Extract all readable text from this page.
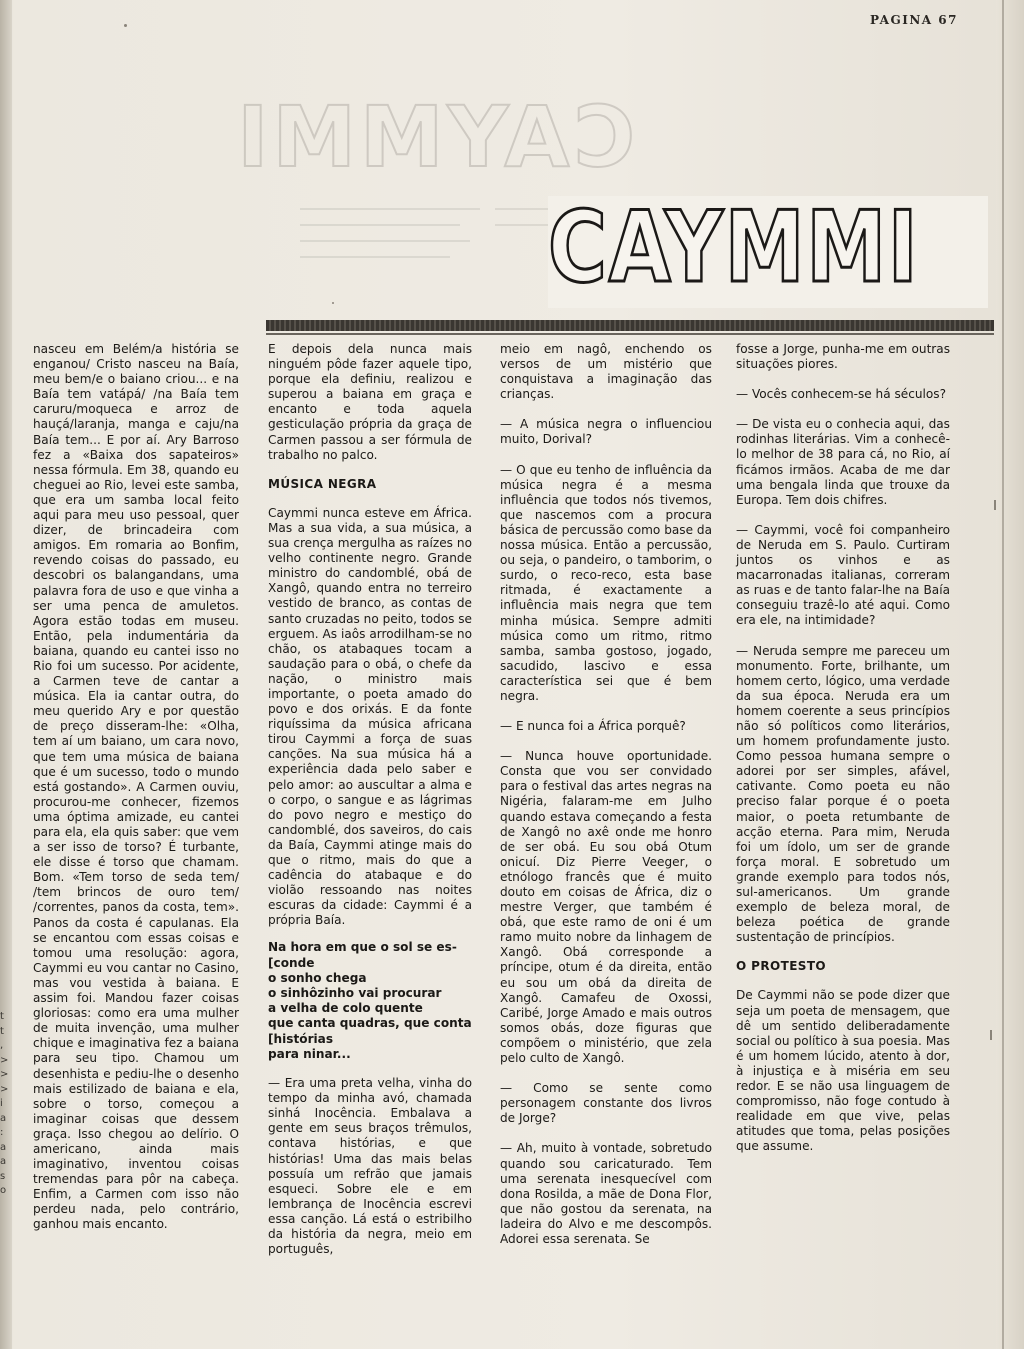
PAGINA 67
CAYMMI
CAYMMI

nasceu em Belém/a história se enganou/ Cristo nasceu na Baía, meu bem/e o baiano criou... e na Baía tem vatápá/ /na Baía tem caruru/moqueca e arroz de hauçá/laranja, manga e caju/na Baía tem... E por aí. Ary Barroso fez a «Baixa dos sapateiros» nessa fórmula. Em 38, quando eu cheguei ao Rio, levei este samba, que era um samba local feito aqui para meu uso pessoal, quer dizer, de brincadeira com amigos. Em romaria ao Bonfim, revendo coisas do passado, eu descobri os balangandans, uma palavra fora de uso e que vinha a ser uma penca de amuletos. Agora estão todas em museu. Então, pela indumentária da baiana, quando eu cantei isso no Rio foi um sucesso. Por acidente, a Carmen teve de cantar a música. Ela ia cantar outra, do meu querido Ary e por questão de preço disseram-lhe: «Olha, tem aí um baiano, um cara novo, que tem uma música de baiana que é um sucesso, todo o mundo está gostando». A Carmen ouviu, procurou-me conhecer, fizemos uma óptima amizade, eu cantei para ela, ela quis saber: que vem a ser isso de torso? É turbante, ele disse é torso que chamam. Bom. «Tem torso de seda tem/ /tem brincos de ouro tem/ /correntes, panos da costa, tem». Panos da costa é capulanas. Ela se encantou com essas coisas e tomou uma resolução: agora, Caymmi eu vou cantar no Casino, mas vou vestida à baiana. E assim foi. Mandou fazer coisas gloriosas: como era uma mulher de muita invenção, uma mulher chique e imaginativa fez a baiana para seu tipo. Chamou um desenhista e pediu-lhe o desenho mais estilizado de baiana e ela, sobre o torso, começou a imaginar coisas que dessem graça. Isso chegou ao delírio. O americano, ainda mais imaginativo, inventou coisas tremendas para pôr na cabeça. Enfim, a Carmen com isso não perdeu nada, pelo contrário, ganhou mais encanto.

E depois dela nunca mais ninguém pôde fazer aquele tipo, porque ela definiu, realizou e superou a baiana em graça e encanto e toda aquela gesticulação própria da graça de Carmen passou a ser fórmula de trabalho no palco.

MÚSICA NEGRA

Caymmi nunca esteve em África. Mas a sua vida, a sua música, a sua crença mergulha as raízes no velho continente negro. Grande ministro do candomblé, obá de Xangô, quando entra no terreiro vestido de branco, as contas de santo cruzadas no peito, todos se erguem. As iaôs arrodilham-se no chão, os atabaques tocam a saudação para o obá, o chefe da nação, o ministro mais importante, o poeta amado do povo e dos orixás. E da fonte riquíssima da música africana tirou Caymmi a força de suas canções. Na sua música há a experiência dada pelo saber e pelo amor: ao auscultar a alma e o corpo, o sangue e as lágrimas do povo negro e mestiço do candomblé, dos saveiros, do cais da Baía, Caymmi atinge mais do que o ritmo, mais do que a cadência do atabaque e do violão ressoando nas noites escuras da cidade: Caymmi é a própria Baía.

Na hora em que o sol se es- [conde
o sonho chega
o sinhôzinho vai procurar
a velha de colo quente
que canta quadras, que conta [histórias
para ninar...

— Era uma preta velha, vinha do tempo da minha avó, chamada sinhá Inocência. Embalava a gente em seus braços trêmulos, contava histórias, e que histórias! Uma das mais belas possuía um refrão que jamais esqueci. Sobre ele e em lembrança de Inocência escrevi essa canção. Lá está o estribilho da história da negra, meio em português,

meio em nagô, enchendo os versos de um mistério que conquistava a imaginação das crianças.

— A música negra o influenciou muito, Dorival?

— O que eu tenho de influência da música negra é a mesma influência que todos nós tivemos, que nascemos com a procura básica de percussão como base da nossa música. Então a percussão, ou seja, o pandeiro, o tamborim, o surdo, o reco-reco, esta base ritmada, é exactamente a influência mais negra que tem minha música. Sempre admiti música como um ritmo, ritmo samba, samba gostoso, jogado, sacudido, lascivo e essa característica sei que é bem negra.

— E nunca foi a África porquê?

— Nunca houve oportunidade. Consta que vou ser convidado para o festival das artes negras na Nigéria, falaram-me em Julho quando estava começando a festa de Xangô no axê onde me honro de ser obá. Eu sou obá Otum onicuí. Diz Pierre Veeger, o etnólogo francês que é muito douto em coisas de África, diz o mestre Verger, que também é obá, que este ramo de oni é um ramo muito nobre da linhagem de Xangô. Obá corresponde a príncipe, otum é da direita, então eu sou um obá da direita de Xangô. Camafeu de Oxossi, Caribé, Jorge Amado e mais outros somos obás, doze figuras que compõem o ministério, que zela pelo culto de Xangô.

— Como se sente como personagem constante dos livros de Jorge?

— Ah, muito à vontade, sobretudo quando sou caricaturado. Tem uma serenata inesquecível com dona Rosilda, a mãe de Dona Flor, que não gostou da serenata, na ladeira do Alvo e me descompôs. Adorei essa serenata. Se

fosse a Jorge, punha-me em outras situações piores.

— Vocês conhecem-se há séculos?

— De vista eu o conhecia aqui, das rodinhas literárias. Vim a conhecê-lo melhor de 38 para cá, no Rio, aí ficámos irmãos. Acaba de me dar uma bengala linda que trouxe da Europa. Tem dois chifres.

— Caymmi, você foi companheiro de Neruda em S. Paulo. Curtiram juntos os vinhos e as macarronadas italianas, correram as ruas e de tanto falar-lhe na Baía conseguiu trazê-lo até aqui. Como era ele, na intimidade?

— Neruda sempre me pareceu um monumento. Forte, brilhante, um homem certo, lógico, uma verdade da sua época. Neruda era um homem coerente a seus princípios não só políticos como literários, um homem profundamente justo. Como pessoa humana sempre o adorei por ser simples, afável, cativante. Como poeta eu não preciso falar porque é o poeta maior, o poeta retumbante de acção eterna. Para mim, Neruda foi um ídolo, um ser de grande força moral. E sobretudo um grande exemplo para todos nós, sul-americanos. Um grande exemplo de beleza moral, de beleza poética de grande sustentação de princípios.

O PROTESTO

De Caymmi não se pode dizer que seja um poeta de mensagem, que dê um sentido deliberadamente social ou político à sua poesia. Mas é um homem lúcido, atento à dor, à injustiça e à miséria em seu redor. E se não usa linguagem de compromisso, não foge contudo à realidade em que vive, pelas atitudes que toma, pelas posições que assume.

t
t
,
>
>
>
i
a
:
a
a
s
o
